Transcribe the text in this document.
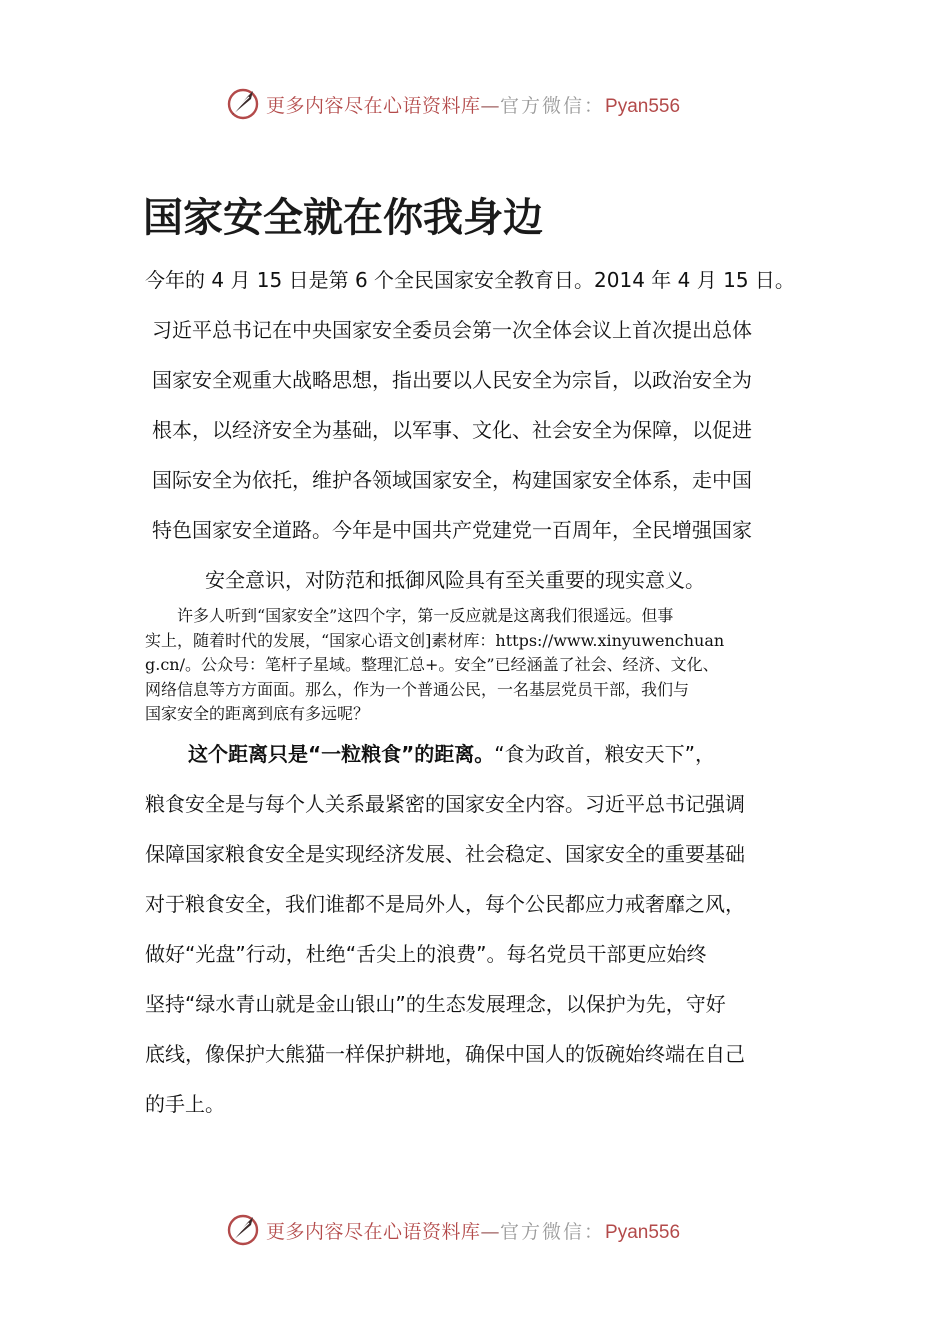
更多内容尽在心语资料库—官方微信：Pyan556
国家安全就在你我身边

今年的 4 月 15 日是第 6 个全民国家安全教育日。2014 年 4 月 15 日。

习近平总书记在中央国家安全委员会第一次全体会议上首次提出总体

国家安全观重大战略思想，指出要以人民安全为宗旨，以政治安全为

根本，以经济安全为基础，以军事、文化、社会安全为保障，以促进

国际安全为依托，维护各领域国家安全，构建国家安全体系，走中国

特色国家安全道路。今年是中国共产党建党一百周年，全民增强国家

安全意识，对防范和抵御风险具有至关重要的现实意义。

　　许多人听到“国家安全”这四个字，第一反应就是这离我们很遥远。但事
实上，随着时代的发展，“国家心语文创]素材库：https://www.xinyuwenchuan
g.cn/。公众号：笔杆子星域。整理汇总+。安全”已经涵盖了社会、经济、文化、
网络信息等方方面面。那么，作为一个普通公民，一名基层党员干部，我们与
国家安全的距离到底有多远呢？

这个距离只是“一粒粮食”的距离。“食为政首，粮安天下”，

粮食安全是与每个人关系最紧密的国家安全内容。习近平总书记强调

保障国家粮食安全是实现经济发展、社会稳定、国家安全的重要基础

对于粮食安全，我们谁都不是局外人，每个公民都应力戒奢靡之风，

做好“光盘”行动，杜绝“舌尖上的浪费”。每名党员干部更应始终

坚持“绿水青山就是金山银山”的生态发展理念，以保护为先，守好

底线，像保护大熊猫一样保护耕地，确保中国人的饭碗始终端在自己

的手上。

更多内容尽在心语资料库—官方微信：Pyan556
